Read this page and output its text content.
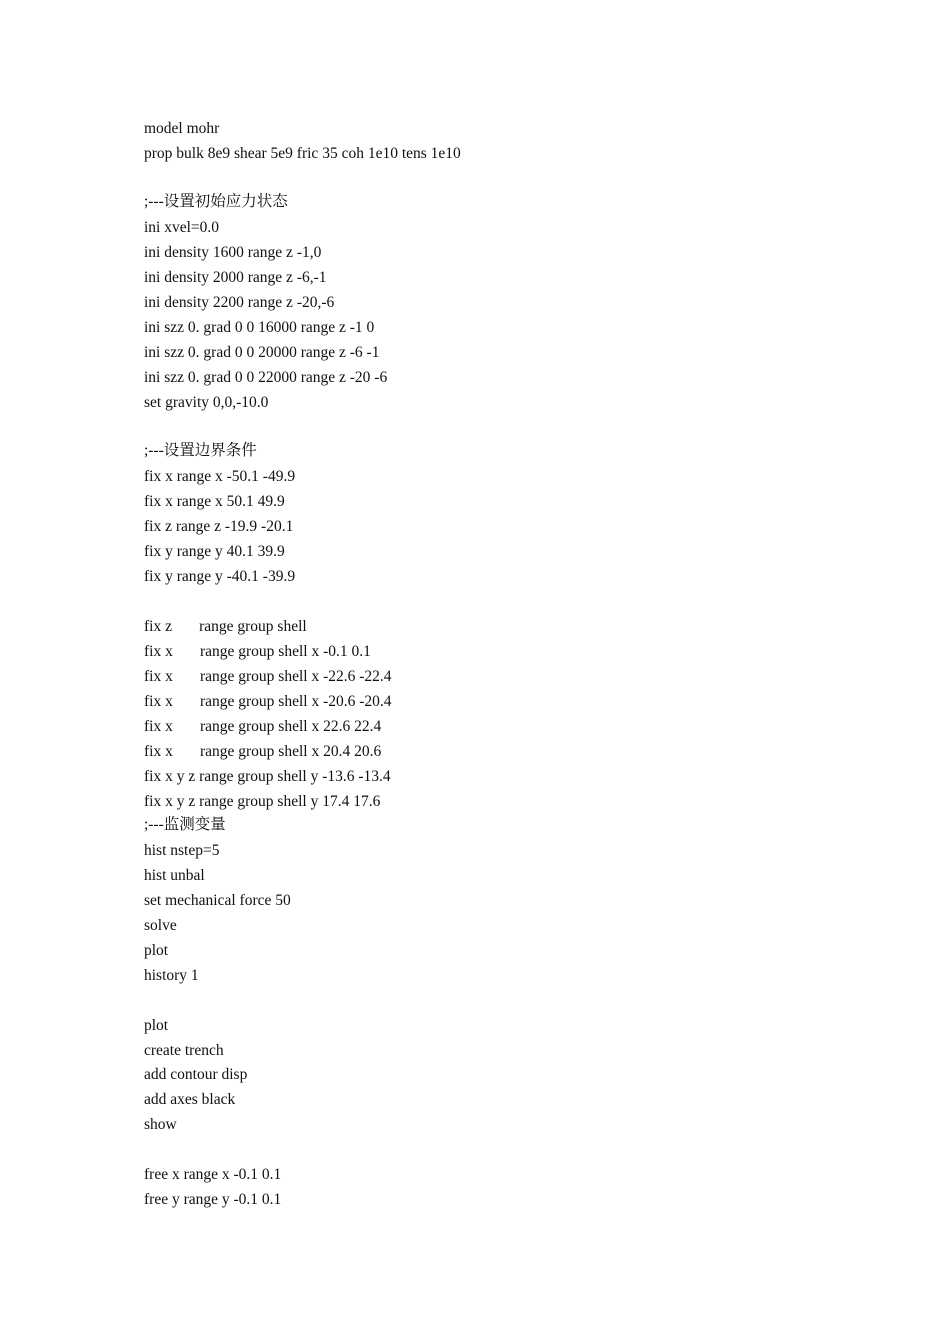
model mohr
prop bulk 8e9 shear 5e9 fric 35 coh 1e10 tens 1e10
;---设置初始应力状态
ini xvel=0.0
ini density 1600 range z -1,0
ini density 2000 range z -6,-1
ini density 2200 range z -20,-6
ini szz 0. grad 0 0 16000 range z -1 0
ini szz 0. grad 0 0 20000 range z -6 -1
ini szz 0. grad 0 0 22000 range z -20 -6
set gravity 0,0,-10.0
;---设置边界条件
fix x range x -50.1 -49.9
fix x range x 50.1 49.9
fix z range z -19.9 -20.1
fix y range y 40.1 39.9
fix y range y -40.1 -39.9
fix z       range group shell
fix x       range group shell x -0.1 0.1
fix x       range group shell x -22.6 -22.4
fix x       range group shell x -20.6 -20.4
fix x       range group shell x 22.6 22.4
fix x       range group shell x 20.4 20.6
fix x y z range group shell y -13.6 -13.4
fix x y z range group shell y 17.4 17.6
;---监测变量
hist nstep=5
hist unbal
set mechanical force 50
solve
plot
history 1
plot
create trench
add contour disp
add axes black
show
free x range x -0.1 0.1
free y range y -0.1 0.1
